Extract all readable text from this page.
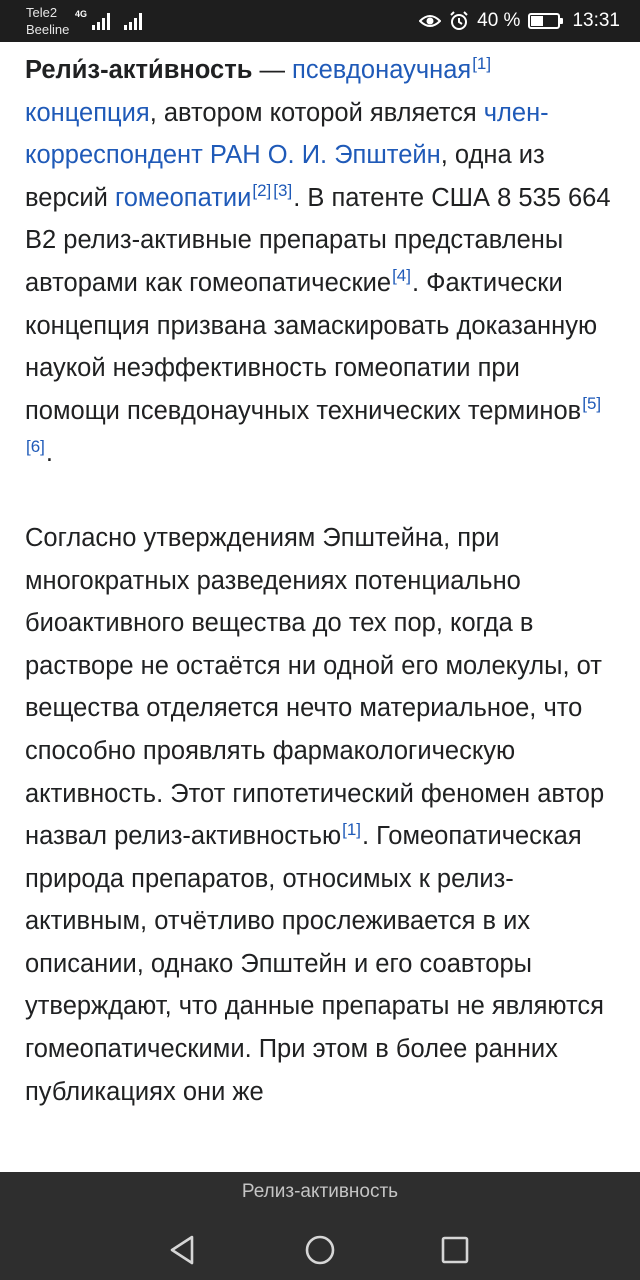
Tele2
Beeline
4G	40 %	13:31

Рели́з-акти́вность — псевдонаучная[1]
концепция, автором которой является член-корреспондент РАН О. И. Эпштейн, одна из версий гомеопатии[2] [3]. В патенте США 8 535 664 B2 релиз-активные препараты представлены авторами как гомеопатические[4]. Фактически концепция призвана замаскировать доказанную наукой неэффективность гомеопатии при помощи псевдонаучных технических терминов[5][6].

Согласно утверждениям Эпштейна, при многократных разведениях потенциально биоактивного вещества до тех пор, когда в растворе не остаётся ни одной его молекулы, от вещества отделяется нечто материальное, что способно проявлять фармакологическую активность. Этот гипотетический феномен автор назвал релиз-активностью[1]. Гомеопатическая природа препаратов, относимых к релиз-активным, отчётливо прослеживается в их описании, однако Эпштейн и его соавторы утверждают, что данные препараты не являются гомеопатическими. При этом в более ранних публикациях они же

Релиз-активность
